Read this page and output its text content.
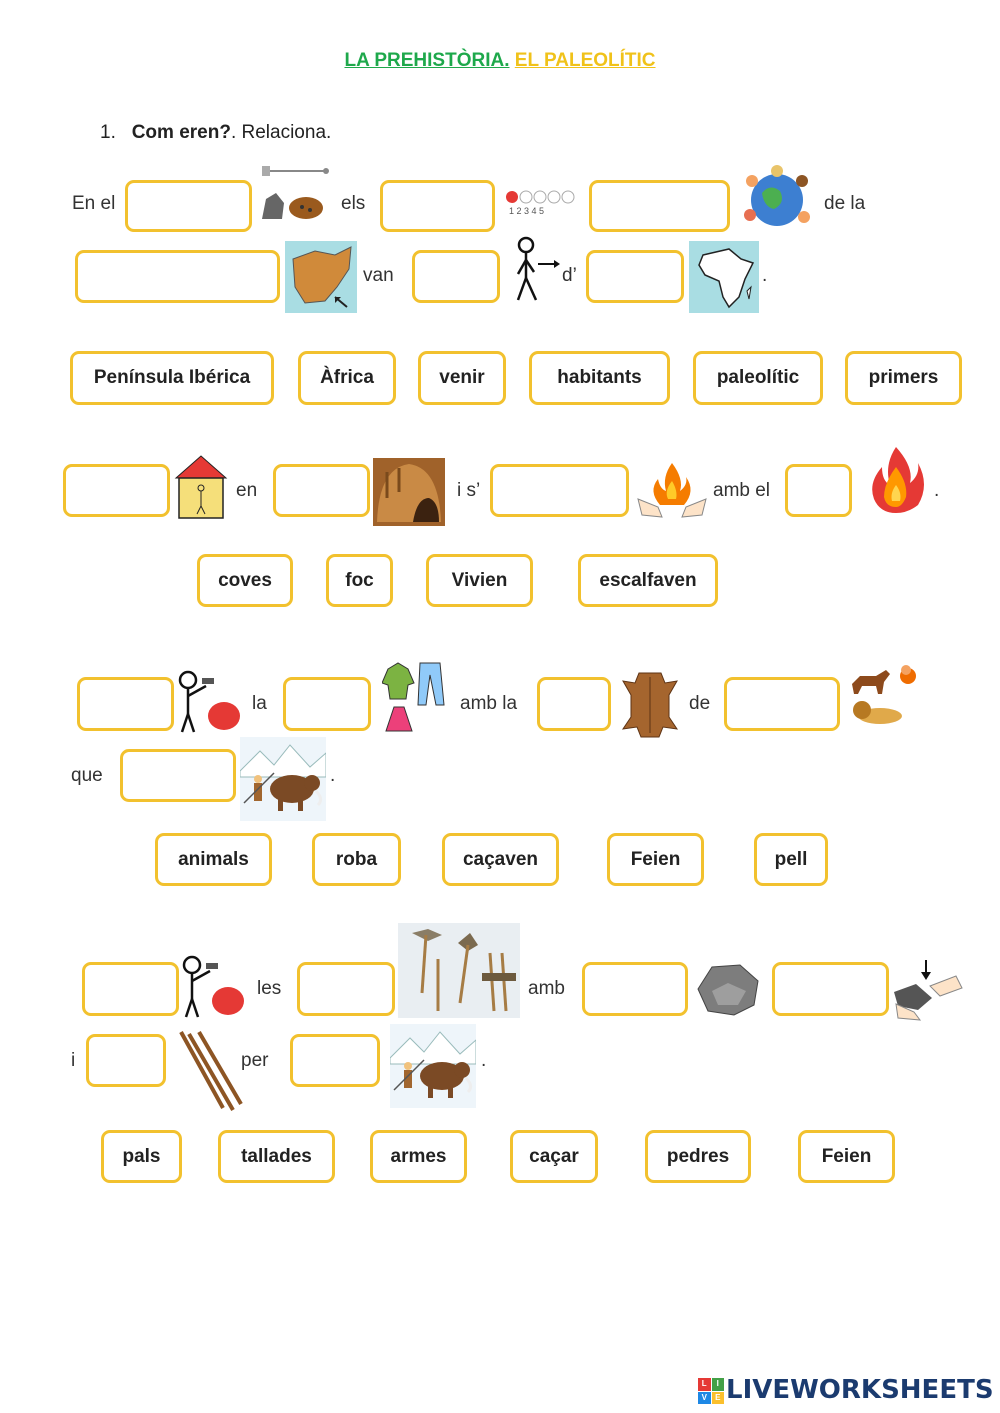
LA PREHISTÒRIA. EL PALEOLÍTIC
1. Com eren?. Relaciona.
En el	els	1 2 3 4 5	de la
van	d’	.
Península Ibérica	Àfrica	venir	habitants	paleolític	primers
en	i s’	amb el	.
coves	foc	Vivien	escalfaven
la	amb la	de
que	.
animals	roba	caçaven	Feien	pell
les	amb
i	per	.
pals	tallades	armes	caçar	pedres	Feien
L	I
V	E LIVEWORKSHEETS
